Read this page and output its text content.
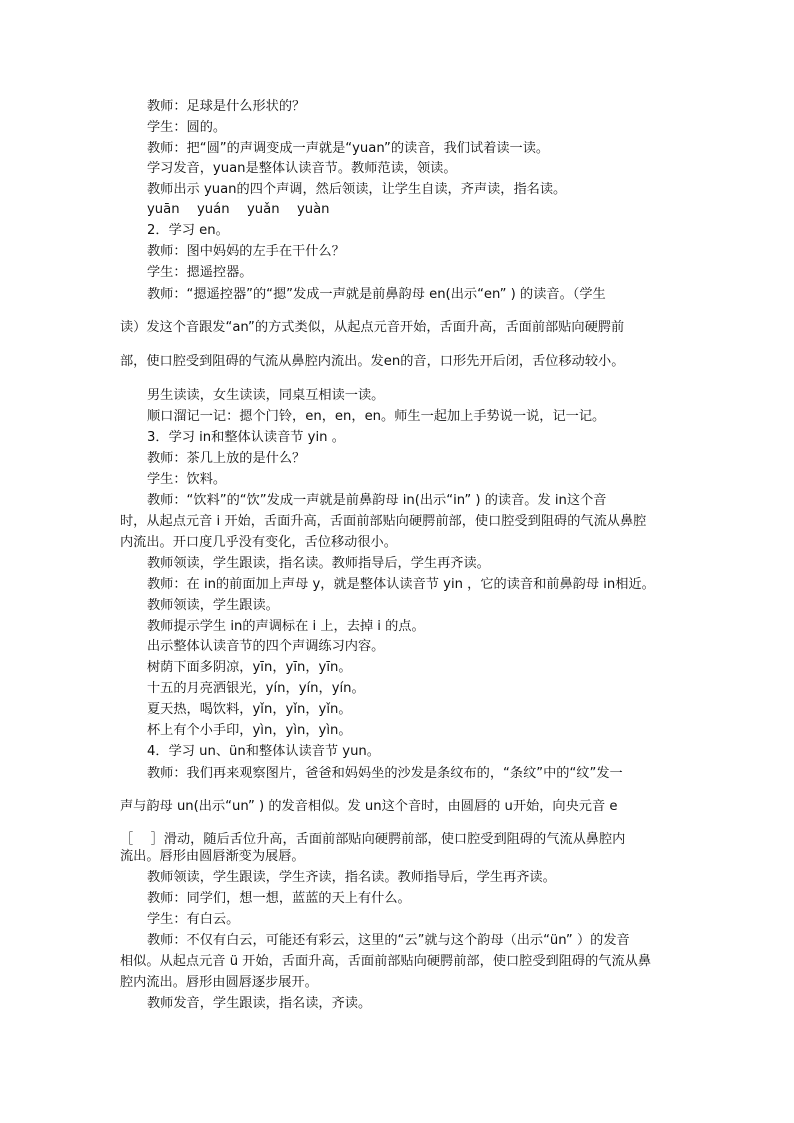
教师：足球是什么形状的？
学生：圆的。
教师：把“圆”的声调变成一声就是“yuan”的读音，我们试着读一读。
学习发音，yuan是整体认读音节。教师范读，领读。
教师出示 yuan的四个声调，然后领读，让学生自读，齐声读，指名读。
yuān　 yuán　 yuǎn　 yuàn
2．学习 en。
教师：图中妈妈的左手在干什么？
学生：摁遥控器。
教师：“摁遥控器”的“摁”发成一声就是前鼻韵母 en(出示“en” ) 的读音。（学生
读）发这个音跟发“an”的方式类似，从起点元音开始，舌面升高，舌面前部贴向硬腭前
部，使口腔受到阻碍的气流从鼻腔内流出。发en的音，口形先开后闭，舌位移动较小。
男生读读，女生读读，同桌互相读一读。
顺口溜记一记：摁个门铃，en，en，en。师生一起加上手势说一说，记一记。
3．学习 in和整体认读音节 yin 。
教师：茶几上放的是什么？
学生：饮料。
教师：“饮料”的“饮”发成一声就是前鼻韵母 in(出示“in” ) 的读音。发 in这个音
时，从起点元音 i 开始，舌面升高，舌面前部贴向硬腭前部，使口腔受到阻碍的气流从鼻腔
内流出。开口度几乎没有变化，舌位移动很小。
教师领读，学生跟读，指名读。教师指导后，学生再齐读。
教师：在 in的前面加上声母 y，就是整体认读音节 yin ，它的读音和前鼻韵母 in相近。
教师领读，学生跟读。
教师提示学生 in的声调标在 i 上，去掉 i 的点。
出示整体认读音节的四个声调练习内容。
树荫下面多阴凉，yīn，yīn，yīn。
十五的月亮洒银光，yín，yín，yín。
夏天热，喝饮料，yǐn，yǐn，yǐn。
杯上有个小手印，yìn，yìn，yìn。
4．学习 un、ün和整体认读音节 yun。
教师：我们再来观察图片，爸爸和妈妈坐的沙发是条纹布的，“条纹”中的“纹”发一
声与韵母 un(出示“un” ) 的发音相似。发 un这个音时，由圆唇的 u开始，向央元音 e
［　 ］滑动，随后舌位升高，舌面前部贴向硬腭前部，使口腔受到阻碍的气流从鼻腔内
流出。唇形由圆唇渐变为展唇。
教师领读，学生跟读，学生齐读，指名读。教师指导后，学生再齐读。
教师：同学们，想一想，蓝蓝的天上有什么。
学生：有白云。
教师：不仅有白云，可能还有彩云，这里的“云”就与这个韵母（出示“ün” ）的发音
相似。从起点元音 ü 开始，舌面升高，舌面前部贴向硬腭前部，使口腔受到阻碍的气流从鼻
腔内流出。唇形由圆唇逐步展开。
教师发音，学生跟读，指名读，齐读。
